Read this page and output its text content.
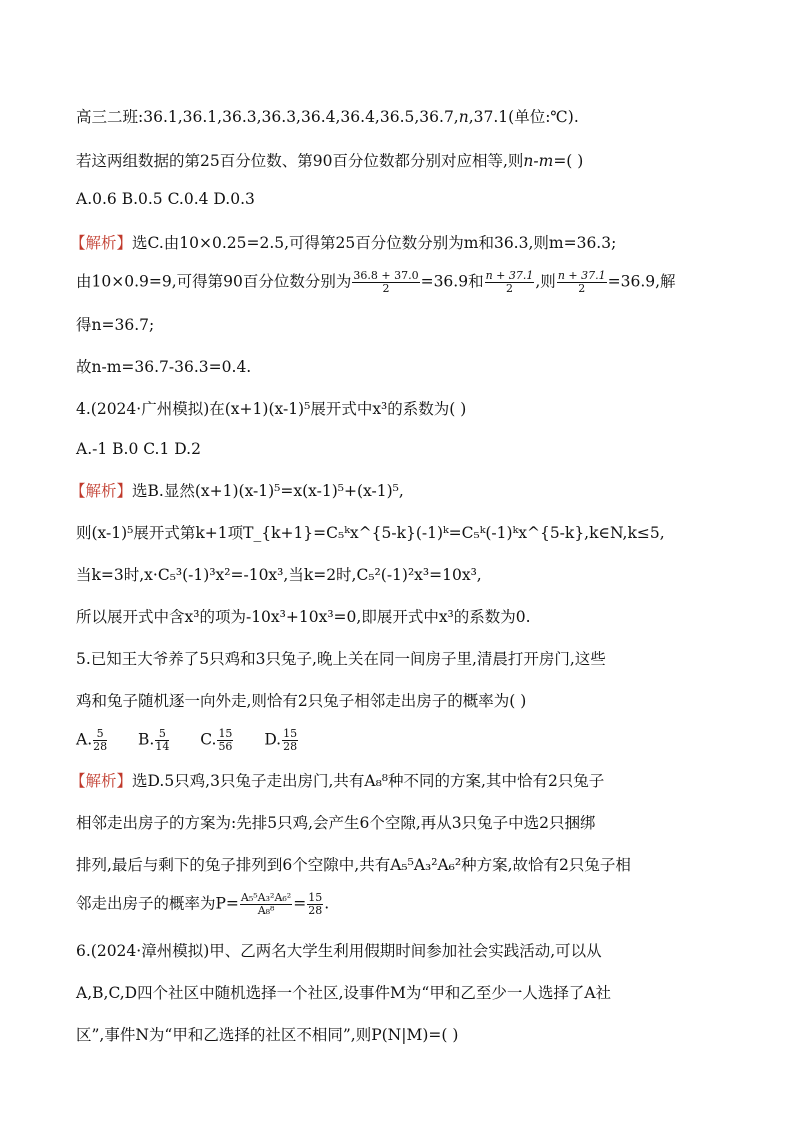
高三二班:36.1,36.1,36.3,36.3,36.4,36.4,36.5,36.7,n,37.1(单位:℃).
若这两组数据的第25百分位数、第90百分位数都分别对应相等,则n-m=( )
A.0.6 B.0.5 C.0.4 D.0.3
【解析】选C.由10×0.25=2.5,可得第25百分位数分别为m和36.3,则m=36.3;
由10×0.9=9,可得第90百分位数分别为 $\frac{36.8 + 37.0}{2} =36.9$和 $\frac{n + 37.1}{2}$ ,则 $\frac{n + 37.1}{2} =36.9$,解
得n=36.7;
故n-m=36.7-36.3=0.4.
4.(2024·广州模拟)在(x+1)(x-1)⁵展开式中x³的系数为( )
A.-1 B.0 C.1 D.2
【解析】选B.显然(x+1)(x-1)⁵=x(x-1)⁵+(x-1)⁵,
则(x-1)⁵展开式第k+1项T_{k+1}=C₅ᵏx^{5-k}(-1)ᵏ=C₅ᵏ(-1)ᵏx^{5-k},k∈N,k≤5,
当k=3时,x·C₅³(-1)³x²=-10x³,当k=2时,C₅²(-1)²x³=10x³,
所以展开式中含x³的项为-10x³+10x³=0,即展开式中x³的系数为0.
5.已知王大爷养了5只鸡和3只兔子,晚上关在同一间房子里,清晨打开房门,这些
鸡和兔子随机逐一向外走,则恰有2只兔子相邻走出房子的概率为( )
A. $\frac{5}{28} B$. $\frac{5}{14} C$. $\frac{15}{56} D$. $\frac{15}{28}$
【解析】选D.5只鸡,3只兔子走出房门,共有A₈⁸种不同的方案,其中恰有2只兔子
相邻走出房子的方案为:先排5只鸡,会产生6个空隙,再从3只兔子中选2只捆绑
排列,最后与剩下的兔子排列到6个空隙中,共有A₅⁵A₃²A₆²种方案,故恰有2只兔子相
邻走出房子的概率为$P= \frac{\text{A₅⁵A₃²A₆²}}{\text{A₈⁸}} = \frac{15}{28}$ .
6.(2024·漳州模拟)甲、乙两名大学生利用假期时间参加社会实践活动,可以从
A,B,C,D四个社区中随机选择一个社区,设事件M为“甲和乙至少一人选择了A社
区”,事件N为“甲和乙选择的社区不相同”,则P(N|M)=( )
